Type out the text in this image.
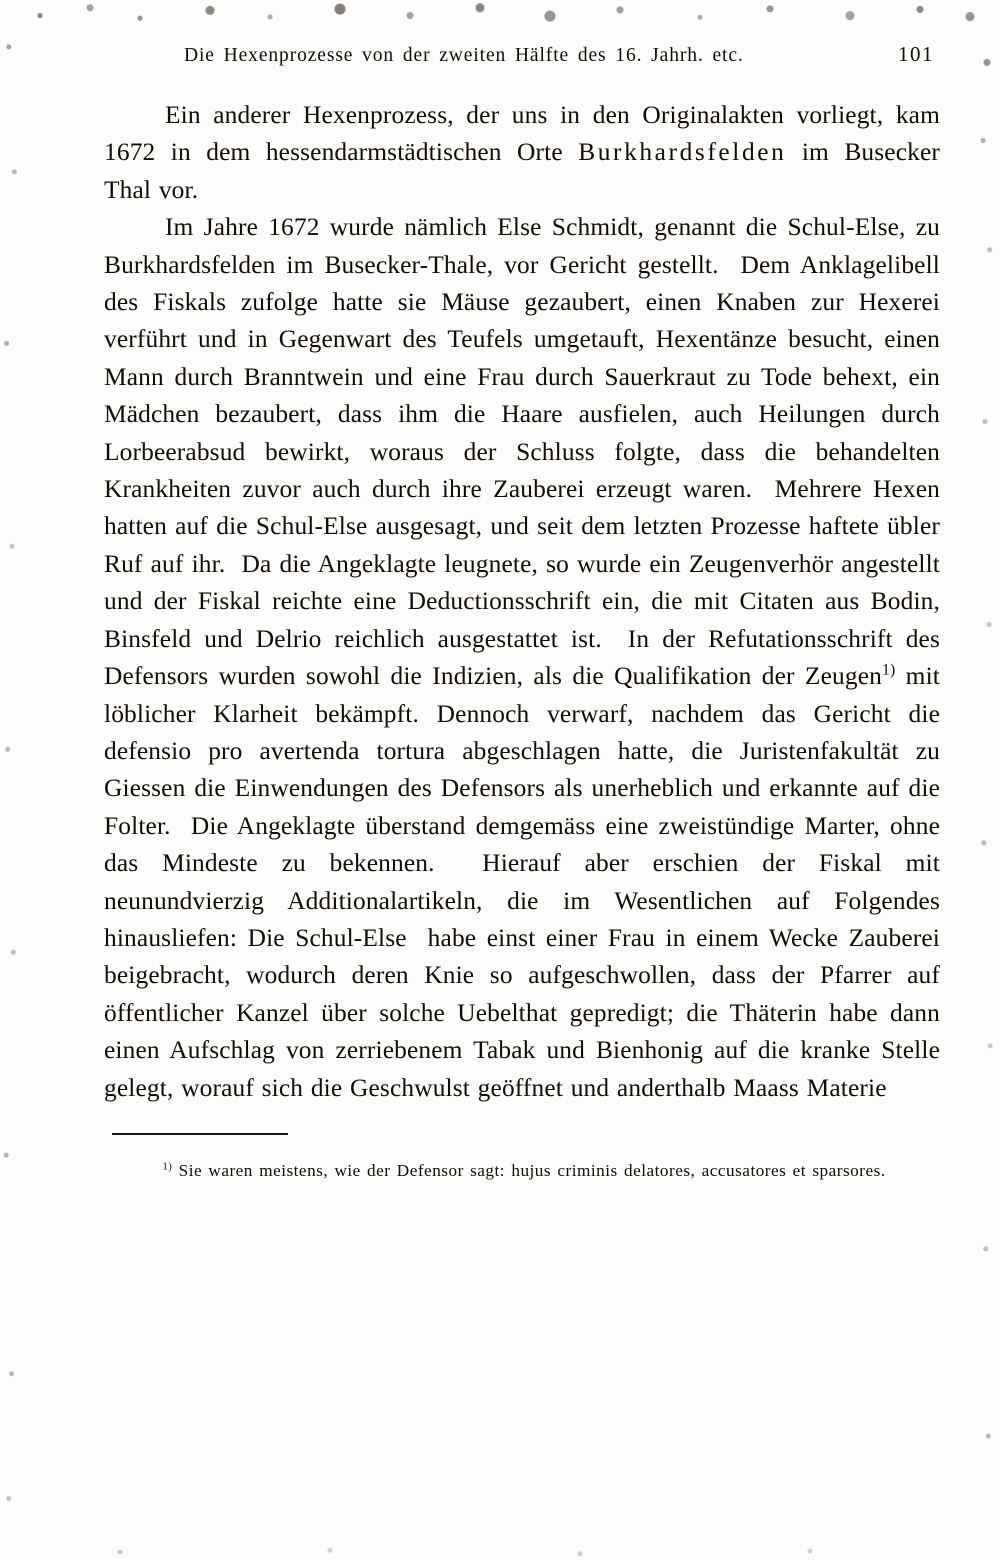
Die Hexenprozesse von der zweiten Hälfte des 16. Jahrh. etc.	101

Ein anderer Hexenprozess, der uns in den Originalakten vorliegt, kam 1672 in dem hessendarmstädtischen Orte Burkhardsfelden im Busecker Thal vor.

Im Jahre 1672 wurde nämlich Else Schmidt, genannt die Schul-Else, zu Burkhardsfelden im Busecker-Thale, vor Gericht gestellt.  Dem Anklagelibell des Fiskals zufolge hatte sie Mäuse gezaubert, einen Knaben zur Hexerei verführt und in Gegenwart des Teufels umgetauft, Hexentänze besucht, einen Mann durch Branntwein und eine Frau durch Sauerkraut zu Tode behext, ein Mädchen bezaubert, dass ihm die Haare ausfielen, auch Heilungen durch Lorbeerabsud bewirkt, woraus der Schluss folgte, dass die behandelten Krankheiten zuvor auch durch ihre Zauberei erzeugt waren.  Mehrere Hexen hatten auf die Schul-Else ausgesagt, und seit dem letzten Prozesse haftete übler Ruf auf ihr.  Da die Angeklagte leugnete, so wurde ein Zeugenverhör angestellt und der Fiskal reichte eine Deductionsschrift ein, die mit Citaten aus Bodin, Binsfeld und Delrio reichlich ausgestattet ist.  In der Refutationsschrift des Defensors wurden sowohl die Indizien, als die Qualifikation der Zeugen$^{1)}$ mit löblicher Klarheit bekämpft. Dennoch verwarf, nachdem das Gericht die defensio pro avertenda tortura abgeschlagen hatte, die Juristenfakultät zu Giessen die Einwendungen des Defensors als unerheblich und erkannte auf die Folter.  Die Angeklagte überstand demgemäss eine zweistündige Marter, ohne das Mindeste zu bekennen.  Hierauf aber erschien der Fiskal mit neunundvierzig Additionalartikeln, die im Wesentlichen auf Folgendes hinausliefen: Die Schul-Else  habe einst einer Frau in einem Wecke Zauberei beigebracht, wodurch deren Knie so aufgeschwollen, dass der Pfarrer auf öffentlicher Kanzel über solche Uebelthat gepredigt; die Thäterin habe dann einen Aufschlag von zerriebenem Tabak und Bienhonig auf die kranke Stelle gelegt, worauf sich die Geschwulst geöffnet und anderthalb Maass Materie

$^{1)}$ Sie waren meistens, wie der Defensor sagt: hujus criminis delatores, accusatores et sparsores.
